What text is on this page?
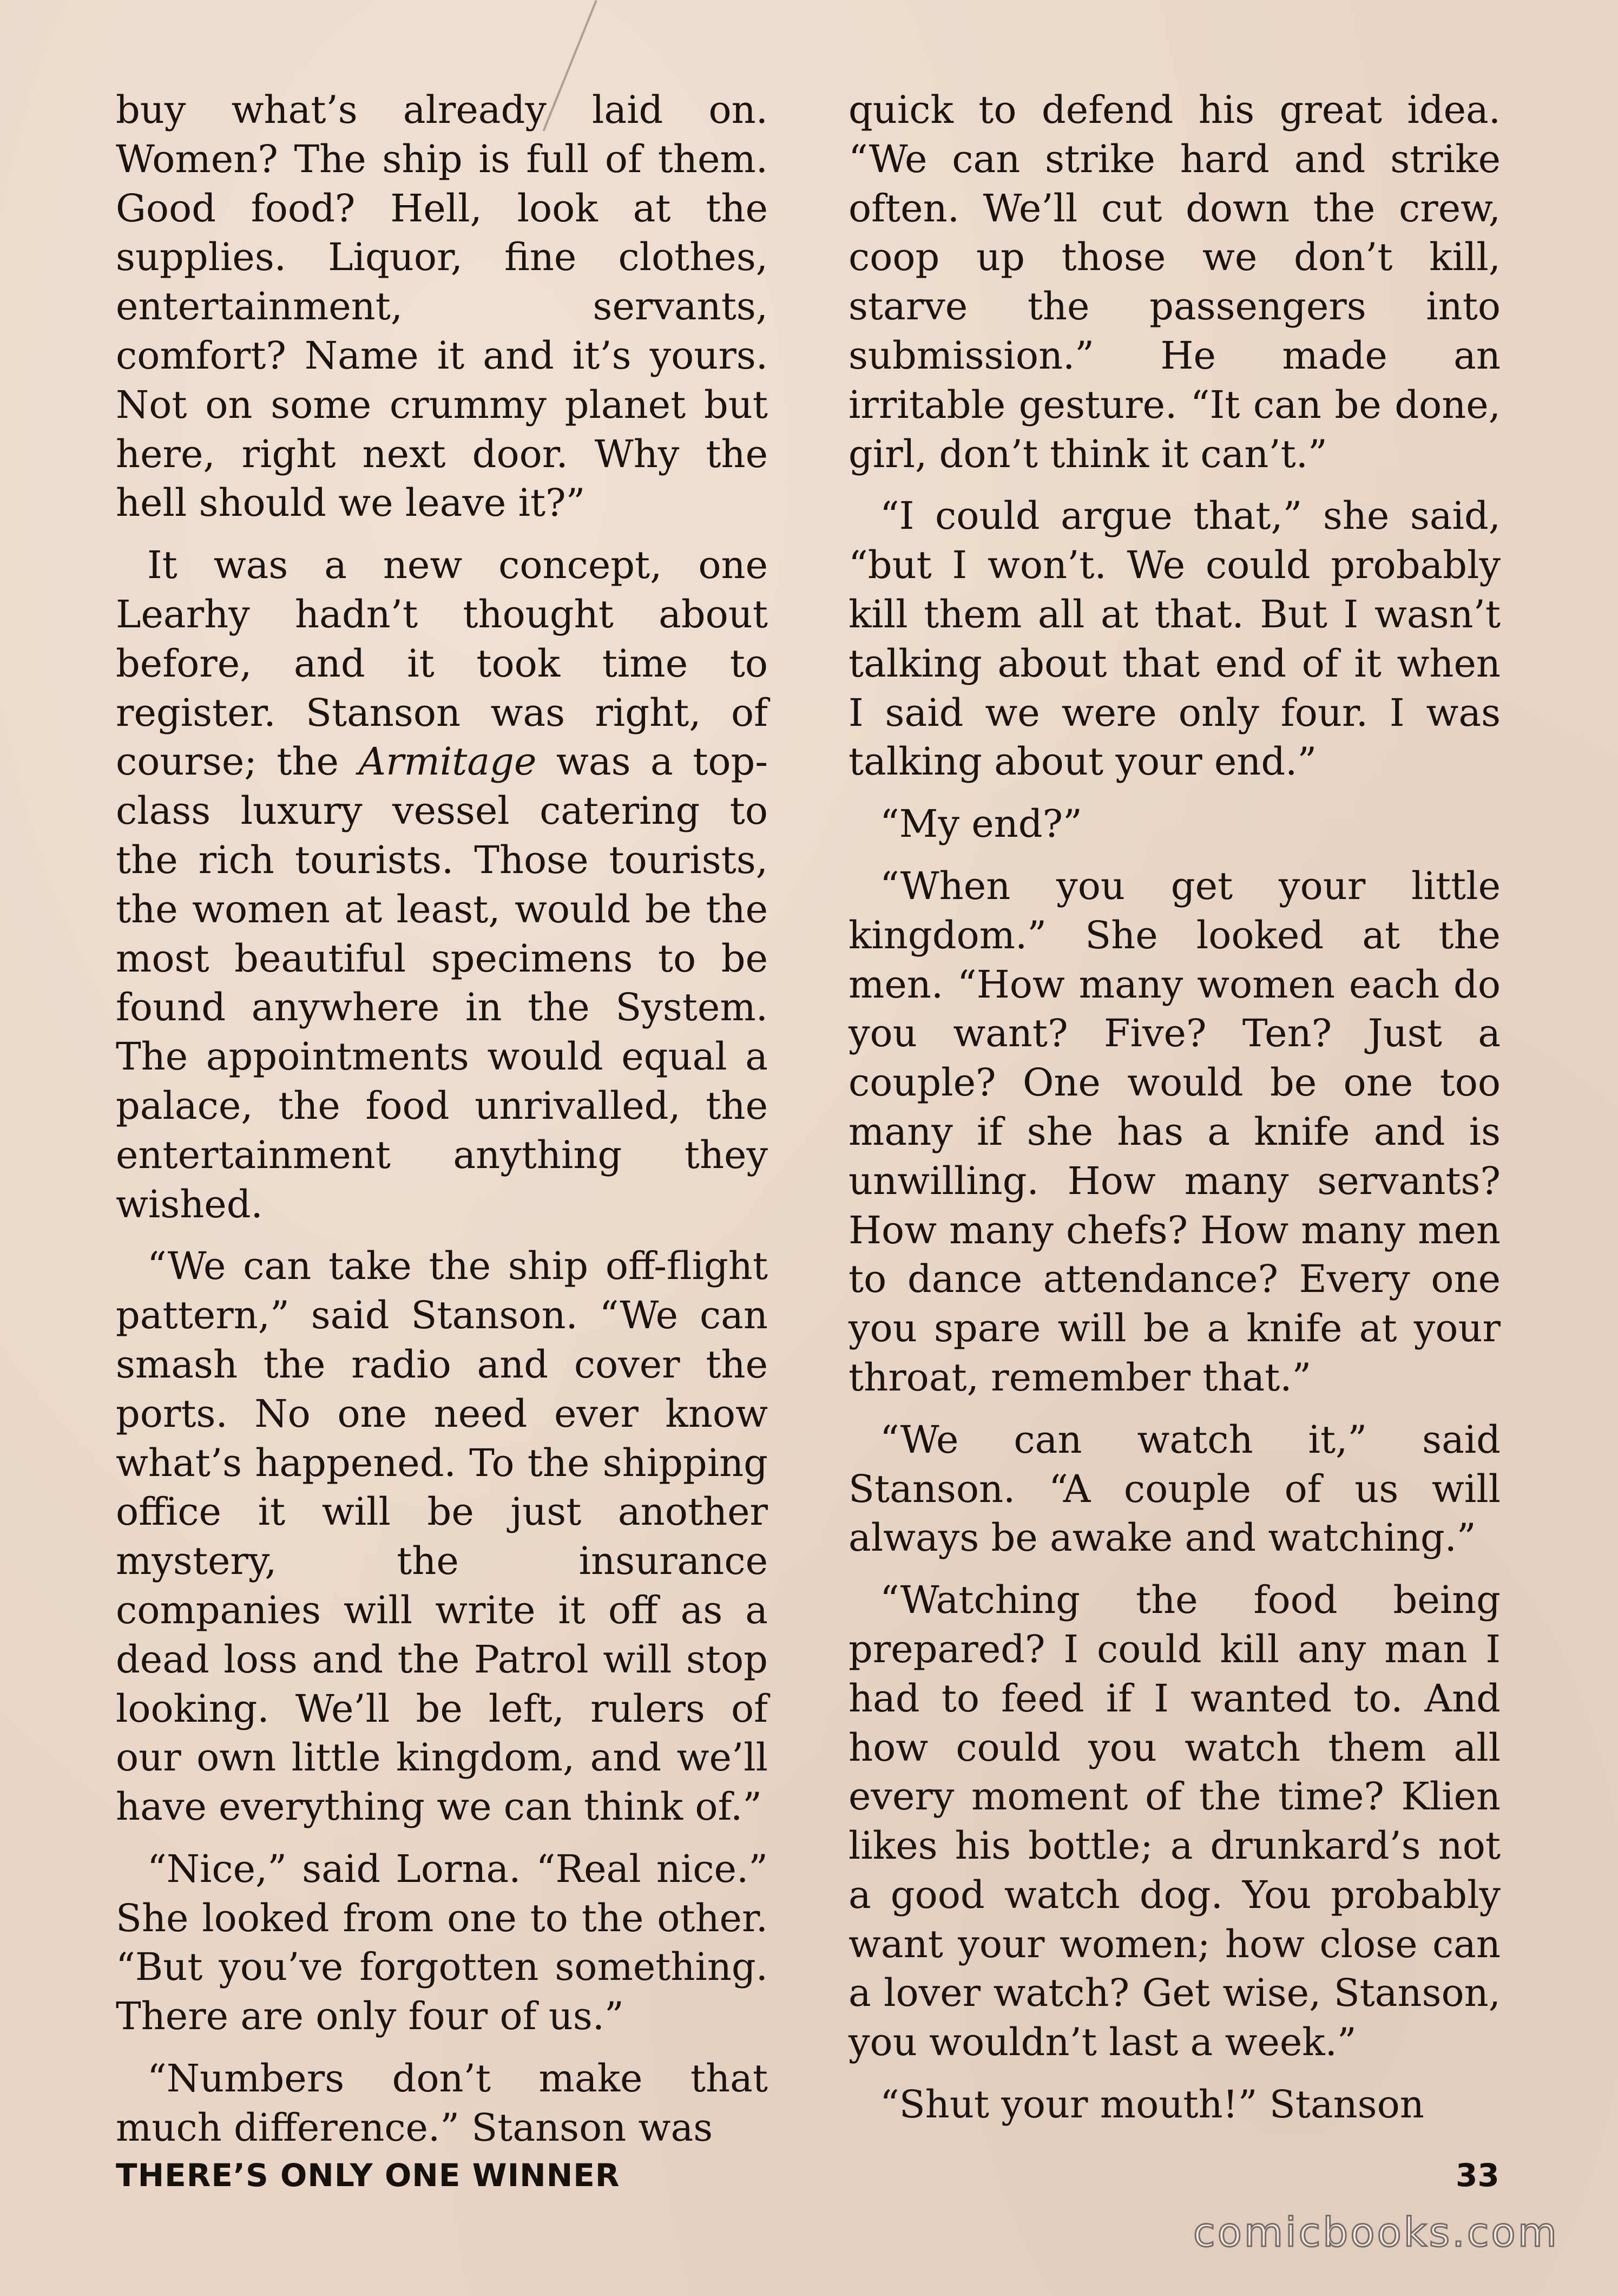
buy what’s already laid on. Women? The ship is full of them. Good food? Hell, look at the supplies. Liquor, fine clothes, entertainment, servants, comfort? Name it and it’s yours. Not on some crummy planet but here, right next door. Why the hell should we leave it?”

It was a new concept, one Learhy hadn’t thought about before, and it took time to register. Stanson was right, of course; the Armitage was a top-class luxury vessel catering to the rich tourists. Those tourists, the women at least, would be the most beautiful specimens to be found anywhere in the System. The appointments would equal a palace, the food unrivalled, the entertainment anything they wished.

“We can take the ship off-flight pattern,” said Stanson. “We can smash the radio and cover the ports. No one need ever know what’s happened. To the shipping office it will be just another mystery, the insurance companies will write it off as a dead loss and the Patrol will stop looking. We’ll be left, rulers of our own little kingdom, and we’ll have everything we can think of.”

“Nice,” said Lorna. “Real nice.” She looked from one to the other. “But you’ve forgotten something. There are only four of us.”

“Numbers don’t make that much difference.” Stanson was

quick to defend his great idea. “We can strike hard and strike often. We’ll cut down the crew, coop up those we don’t kill, starve the passengers into submission.” He made an irritable gesture. “It can be done, girl, don’t think it can’t.”

“I could argue that,” she said, “but I won’t. We could probably kill them all at that. But I wasn’t talking about that end of it when I said we were only four. I was talking about your end.”

“My end?”

“When you get your little kingdom.” She looked at the men. “How many women each do you want? Five? Ten? Just a couple? One would be one too many if she has a knife and is unwilling. How many servants? How many chefs? How many men to dance attendance? Every one you spare will be a knife at your throat, remember that.”

“We can watch it,” said Stanson. “A couple of us will always be awake and watching.”

“Watching the food being prepared? I could kill any man I had to feed if I wanted to. And how could you watch them all every moment of the time? Klien likes his bottle; a drunkard’s not a good watch dog. You probably want your women; how close can a lover watch? Get wise, Stanson, you wouldn’t last a week.”

“Shut your mouth!” Stanson

THERE’S ONLY ONE WINNER	33
comicbooks.com
